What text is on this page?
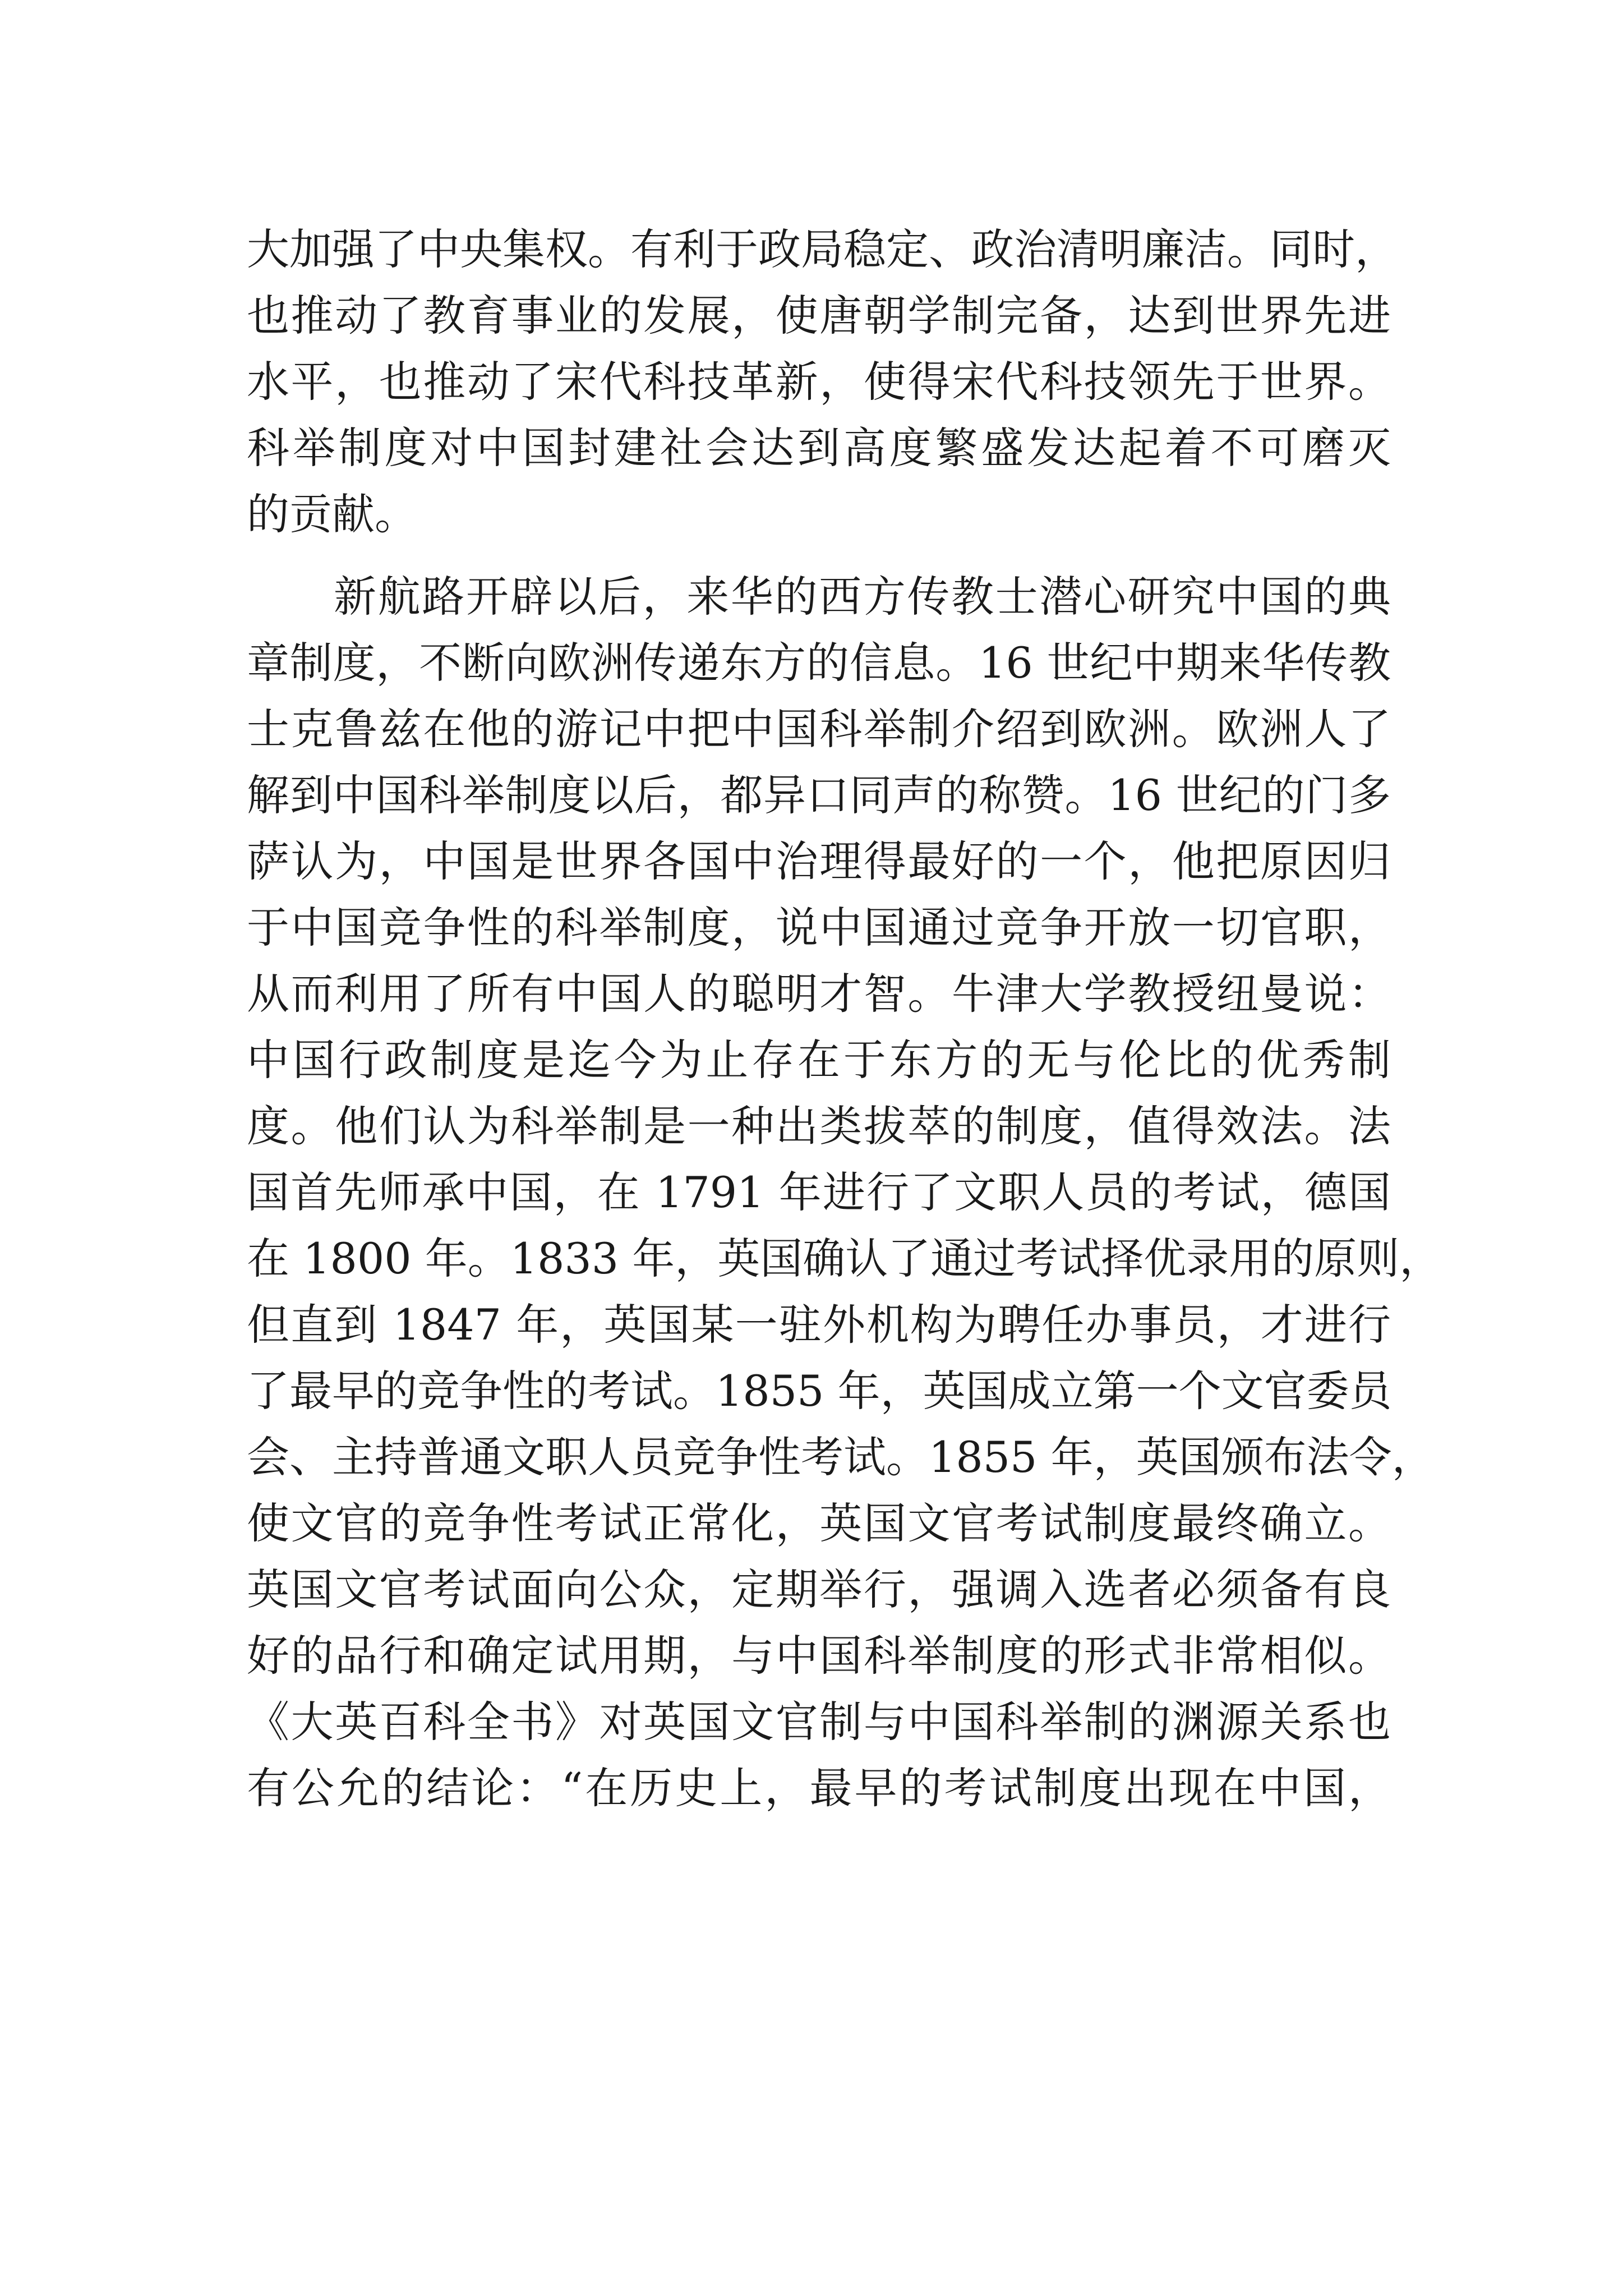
大加强了中央集权。有利于政局稳定、政治清明廉洁。同时，
也推动了教育事业的发展，使唐朝学制完备，达到世界先进
水平，也推动了宋代科技革新，使得宋代科技领先于世界。
科举制度对中国封建社会达到高度繁盛发达起着不可磨灭
的贡献。
新航路开辟以后，来华的西方传教士潜心研究中国的典
章制度，不断向欧洲传递东方的信息。16 世纪中期来华传教
士克鲁兹在他的游记中把中国科举制介绍到欧洲。欧洲人了
解到中国科举制度以后，都异口同声的称赞。16 世纪的门多
萨认为，中国是世界各国中治理得最好的一个，他把原因归
于中国竞争性的科举制度，说中国通过竞争开放一切官职，
从而利用了所有中国人的聪明才智。牛津大学教授纽曼说：
中国行政制度是迄今为止存在于东方的无与伦比的优秀制
度。他们认为科举制是一种出类拔萃的制度，值得效法。法
国首先师承中国，在 1791 年进行了文职人员的考试，德国
在 1800 年。1833 年，英国确认了通过考试择优录用的原则，
但直到 1847 年，英国某一驻外机构为聘任办事员，才进行
了最早的竞争性的考试。1855 年，英国成立第一个文官委员
会、主持普通文职人员竞争性考试。1855 年，英国颁布法令，
使文官的竞争性考试正常化，英国文官考试制度最终确立。
英国文官考试面向公众，定期举行，强调入选者必须备有良
好的品行和确定试用期，与中国科举制度的形式非常相似。
《大英百科全书》对英国文官制与中国科举制的渊源关系也
有公允的结论：“在历史上，最早的考试制度出现在中国，
